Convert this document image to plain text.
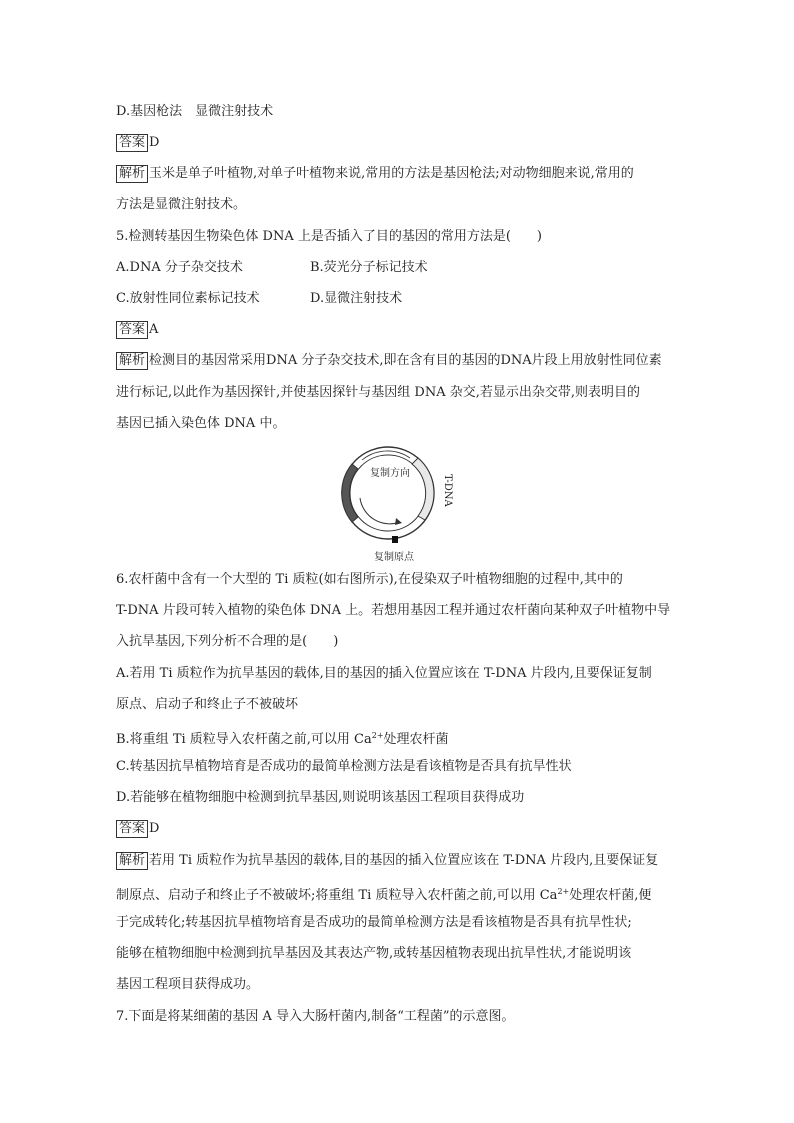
D.基因枪法　显微注射技术
答案 D
解析 玉米是单子叶植物,对单子叶植物来说,常用的方法是基因枪法;对动物细胞来说,常用的
方法是显微注射技术。
5.检测转基因生物染色体 DNA 上是否插入了目的基因的常用方法是(　　)
A.DNA 分子杂交技术	B.荧光分子标记技术
C.放射性同位素标记技术	D.显微注射技术
答案 A
解析 检测目的基因常采用DNA 分子杂交技术,即在含有目的基因的DNA片段上用放射性同位素
进行标记,以此作为基因探针,并使基因探针与基因组 DNA 杂交,若显示出杂交带,则表明目的
基因已插入染色体 DNA 中。
复制方向
T-DNA
复制原点
6.农杆菌中含有一个大型的 Ti 质粒(如右图所示),在侵染双子叶植物细胞的过程中,其中的
T-DNA 片段可转入植物的染色体 DNA 上。若想用基因工程并通过农杆菌向某种双子叶植物中导
入抗旱基因,下列分析不合理的是(　　)
A.若用 Ti 质粒作为抗旱基因的载体,目的基因的插入位置应该在 T-DNA 片段内,且要保证复制
原点、启动子和终止子不被破坏
B.将重组 Ti 质粒导入农杆菌之前,可以用 $Ca^{2+}$处理农杆菌
C.转基因抗旱植物培育是否成功的最简单检测方法是看该植物是否具有抗旱性状
D.若能够在植物细胞中检测到抗旱基因,则说明该基因工程项目获得成功
答案 D
解析 若用 Ti 质粒作为抗旱基因的载体,目的基因的插入位置应该在 T-DNA 片段内,且要保证复
制原点、启动子和终止子不被破坏;将重组 Ti 质粒导入农杆菌之前,可以用 $Ca^{2+}$处理农杆菌,便
于完成转化;转基因抗旱植物培育是否成功的最简单检测方法是看该植物是否具有抗旱性状;
能够在植物细胞中检测到抗旱基因及其表达产物,或转基因植物表现出抗旱性状,才能说明该
基因工程项目获得成功。
7.下面是将某细菌的基因 A 导入大肠杆菌内,制备“工程菌”的示意图。
